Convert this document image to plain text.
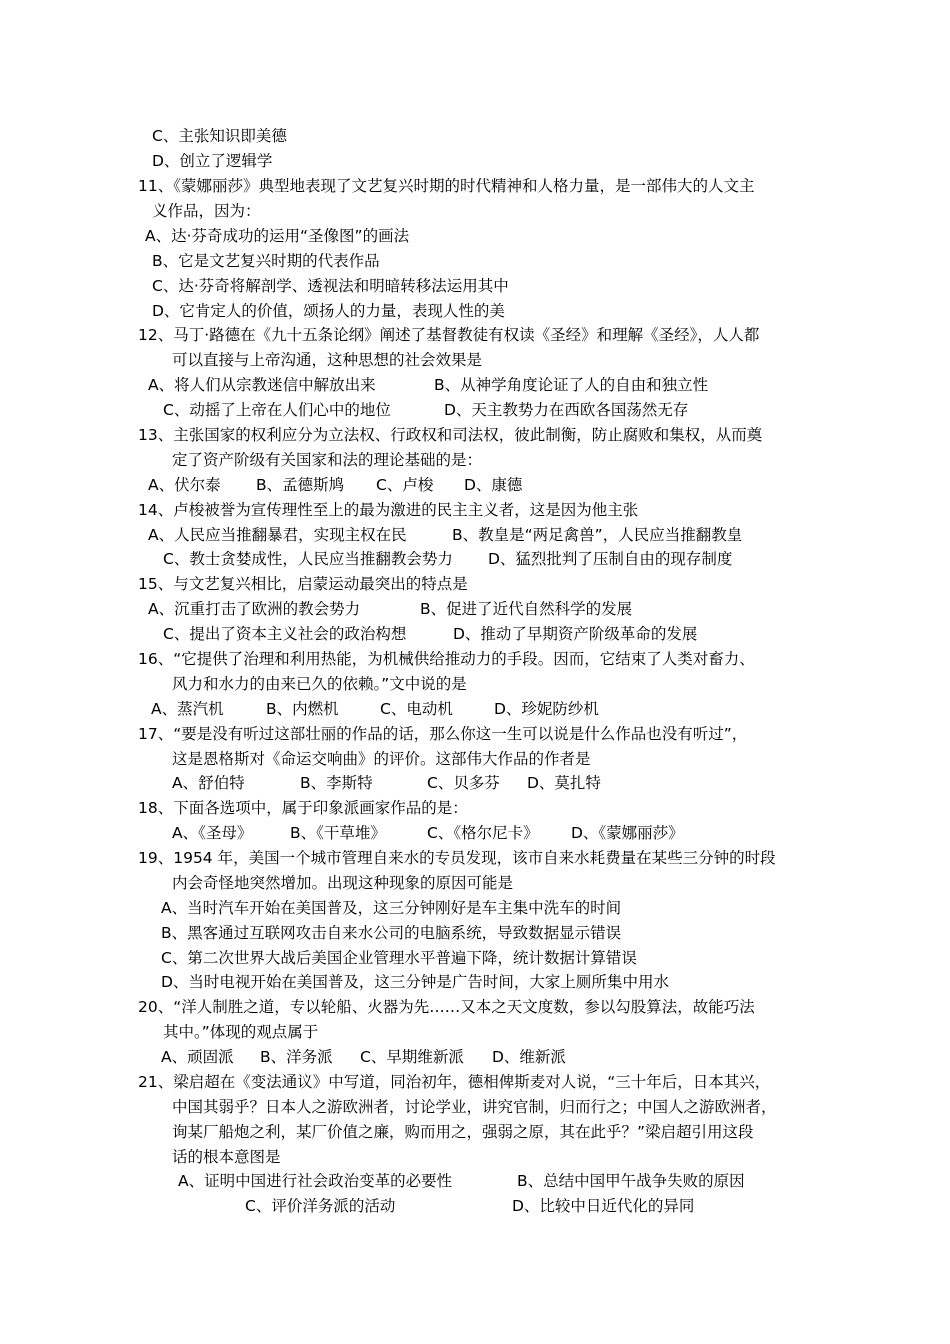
C、主张知识即美德
D、创立了逻辑学
11、《蒙娜丽莎》典型地表现了文艺复兴时期的时代精神和人格力量，是一部伟大的人文主
义作品，因为：
A、达·芬奇成功的运用“圣像图”的画法
B、它是文艺复兴时期的代表作品
C、达·芬奇将解剖学、透视法和明暗转移法运用其中
D、它肯定人的价值，颂扬人的力量，表现人性的美
12、马丁·路德在《九十五条论纲》阐述了基督教徒有权读《圣经》和理解《圣经》，人人都
可以直接与上帝沟通，这种思想的社会效果是
A、将人们从宗教迷信中解放出来	B、从神学角度论证了人的自由和独立性
C、动摇了上帝在人们心中的地位	D、天主教势力在西欧各国荡然无存
13、主张国家的权利应分为立法权、行政权和司法权，彼此制衡，防止腐败和集权，从而奠
定了资产阶级有关国家和法的理论基础的是：
A、伏尔泰 B、孟德斯鸠 C、卢梭 D、康德
14、卢梭被誉为宣传理性至上的最为激进的民主主义者，这是因为他主张
A、人民应当推翻暴君，实现主权在民	B、教皇是“两足禽兽”，人民应当推翻教皇
C、教士贪婪成性，人民应当推翻教会势力 D、猛烈批判了压制自由的现存制度
15、与文艺复兴相比，启蒙运动最突出的特点是
A、沉重打击了欧洲的教会势力	B、促进了近代自然科学的发展
C、提出了资本主义社会的政治构想	D、推动了早期资产阶级革命的发展
16、“它提供了治理和利用热能，为机械供给推动力的手段。因而，它结束了人类对畜力、
风力和水力的由来已久的依赖。”文中说的是
A、蒸汽机	B、内燃机	C、电动机	D、珍妮防纱机
17、“要是没有听过这部壮丽的作品的话，那么你这一生可以说是什么作品也没有听过”，
这是恩格斯对《命运交响曲》的评价。这部伟大作品的作者是
A、舒伯特	B、李斯特	C、贝多芬 D、莫扎特
18、下面各选项中，属于印象派画家作品的是：
A、《圣母》 B、《干草堆》	C、《格尔尼卡》 D、《蒙娜丽莎》
19、1954 年，美国一个城市管理自来水的专员发现，该市自来水耗费量在某些三分钟的时段
内会奇怪地突然增加。出现这种现象的原因可能是
A、当时汽车开始在美国普及，这三分钟刚好是车主集中洗车的时间
B、黑客通过互联网攻击自来水公司的电脑系统，导致数据显示错误
C、第二次世界大战后美国企业管理水平普遍下降，统计数据计算错误
D、当时电视开始在美国普及，这三分钟是广告时间，大家上厕所集中用水
20、“洋人制胜之道，专以轮船、火器为先……又本之天文度数，参以勾股算法，故能巧法
其中。”体现的观点属于
A、顽固派 B、洋务派 C、早期维新派 D、维新派
21、梁启超在《变法通议》中写道，同治初年，德相俾斯麦对人说，“三十年后，日本其兴，
中国其弱乎？日本人之游欧洲者，讨论学业，讲究官制，归而行之；中国人之游欧洲者，
询某厂船炮之利，某厂价值之廉，购而用之，强弱之原，其在此乎？”梁启超引用这段
话的根本意图是
A、证明中国进行社会政治变革的必要性	B、总结中国甲午战争失败的原因
C、评价洋务派的活动	D、比较中日近代化的异同
